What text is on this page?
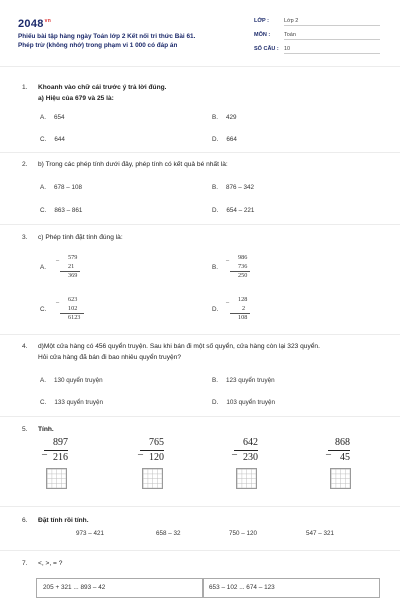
$2048^{vn}$
Phiếu bài tập hàng ngày Toán lớp 2 Kết nối tri thức Bài 61.
Phép trừ (không nhớ) trong phạm vi 1 000 có đáp án
LỚP :	Lớp 2
MÔN :	Toán
SỐ CÂU : 10
1. Khoanh vào chữ cái trước ý trả lời đúng.
a) Hiệu của 679 và 25 là:
A. 654	B. 429
C. 644	D. 664
2. b) Trong các phép tính dưới đây, phép tính có kết quả bé nhất là:
A. 678 – 108	B. 876 – 342
C. 863 – 861	D. 654 – 221
3. c) Phép tính đặt tính đúng là:
A.
_	579
21
369
B.
_	986
736
250
C.
_	623
102
6123
D.
_	128
2
108
4. d)Một cửa hàng có 456 quyển truyện. Sau khi bán đi một số quyển, cửa hàng còn lại 323 quyển.
Hỏi cửa hàng đã bán đi bao nhiêu quyển truyện?
A. 130 quyển truyện	B. 123 quyển truyện
C. 133 quyển truyện	D. 103 quyển truyện
5. Tính.
_
897
216
_
765
120
_
642
230
_
868
45
6. Đặt tính rồi tính.
973 – 421	658 – 32	750 – 120	547 – 321
7. <, >, = ?
205 + 321 ... 893 – 42	653 – 102 ... 674 – 123
